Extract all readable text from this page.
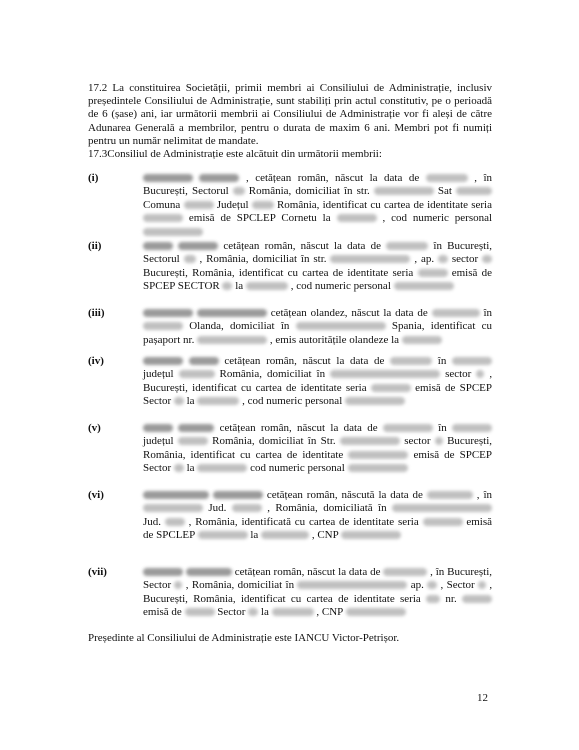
17.2 La constituirea Societății, primii membri ai Consiliului de Administrație, inclusiv președintele Consiliului de Administrație, sunt stabiliți prin actul constitutiv, pe o perioadă de 6 (șase) ani, iar următorii membrii ai Consiliului de Administrație vor fi aleși de către Adunarea Generală a membrilor, pentru o durata de maxim 6 ani. Membri pot fi numiți pentru un număr nelimitat de mandate.

17.3Consiliul de Administrație este alcătuit din următorii membrii:

(i)	, cetățean român, născut la data de	, în București, Sectorul România, domiciliat în str.	Sat  Comuna	Județul	România, identificat cu cartea de identitate seria  emisă de SPCLEP Cornetu la	, cod numeric personal
(ii)	cetățean român, născut la data de	în București, Sectorul , România, domiciliat în str.	, ap. sector  București, România, identificat cu cartea de identitate seria	emisă de SPCEP SECTOR la	, cod numeric personal
(iii)	cetățean olandez, născut la data de	în  Olanda, domiciliat în	Spania, identificat cu pașaport nr.	, emis autoritățile olandeze la
(iv)	cetățean român, născut la data de	în  județul	România, domiciliat în	sector , București, identificat cu cartea de identitate seria	emisă de SPCEP Sector la	, cod numeric personal
(v)	cetățean român, născut la data de	în  județul	România, domiciliat în Str.	sector București, România, identificat cu cartea de identitate	emisă de SPCEP Sector la	cod numeric personal
(vi)	cetățean român, născută la data de	, în  Jud.	, România, domiciliată în  Jud.	, România, identificată cu cartea de identitate seria	emisă de SPCLEP	la	, CNP
(vii)	cetățean român, născut la data de	, în București, Sector , România, domiciliat în	ap. , Sector , București, România, identificat cu cartea de identitate seria nr.  emisă de	Sector la	, CNP
Președinte al Consiliului de Administrație este IANCU Victor-Petrișor.
12
